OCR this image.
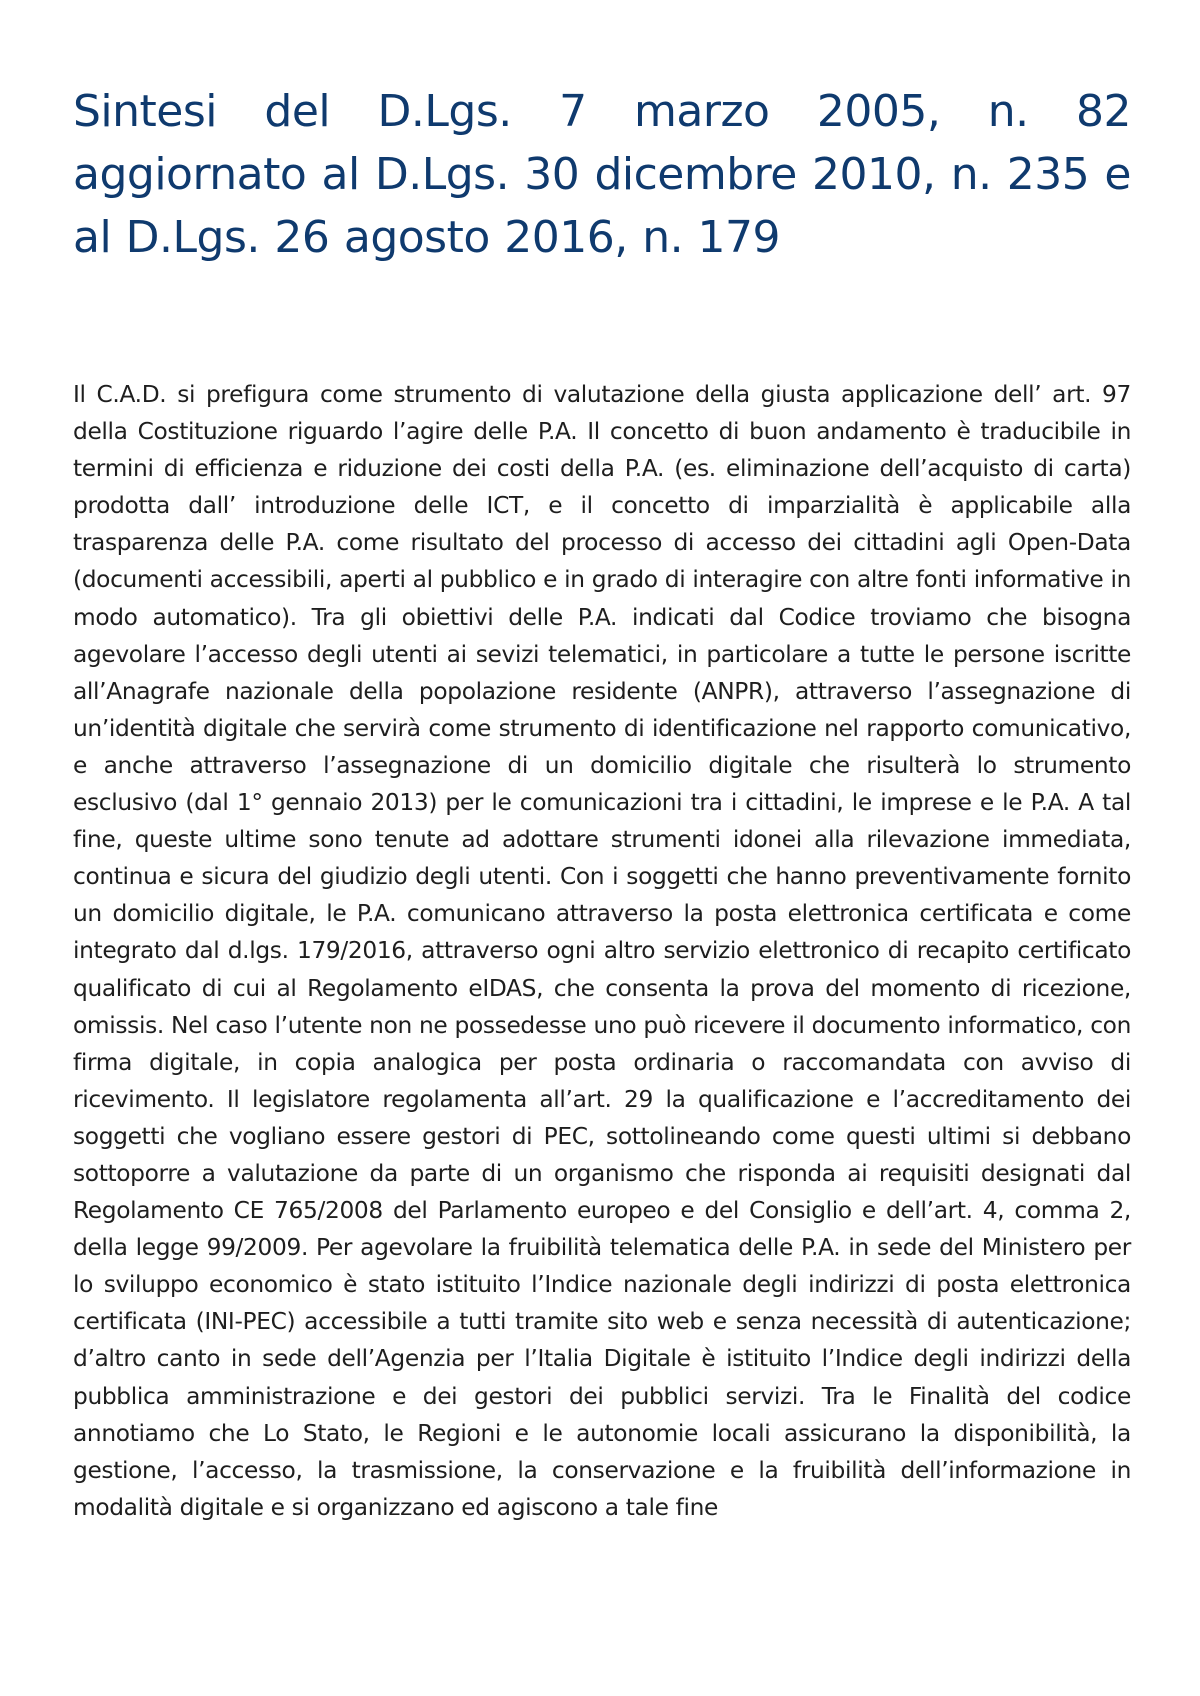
Sintesi del D.Lgs. 7 marzo 2005, n. 82 aggiornato al D.Lgs. 30 dicembre 2010, n. 235 e al D.Lgs. 26 agosto 2016, n. 179

Il C.A.D. si prefigura come strumento di valutazione della giusta applicazione dell’ art. 97 della Costituzione riguardo l’agire delle P.A. Il concetto di buon andamento è traducibile in termini di efficienza e riduzione dei costi della P.A. (es. eliminazione dell’acquisto di carta) prodotta dall’ introduzione delle ICT, e il concetto di imparzialità è applicabile alla trasparenza delle P.A. come risultato del processo di accesso dei cittadini agli Open-Data (documenti accessibili, aperti al pubblico e in grado di interagire con altre fonti informative in modo automatico). Tra gli obiettivi delle P.A. indicati dal Codice troviamo che bisogna agevolare l’accesso degli utenti ai sevizi telematici, in particolare a tutte le persone iscritte all’Anagrafe nazionale della popolazione residente (ANPR), attraverso l’assegnazione di un’identità digitale che servirà come strumento di identificazione nel rapporto comunicativo, e anche attraverso l’assegnazione di un domicilio digitale che risulterà lo strumento esclusivo (dal 1° gennaio 2013) per le comunicazioni tra i cittadini, le imprese e le P.A. A tal fine, queste ultime sono tenute ad adottare strumenti idonei alla rilevazione immediata, continua e sicura del giudizio degli utenti. Con i soggetti che hanno preventivamente fornito un domicilio digitale, le P.A. comunicano attraverso la posta elettronica certificata e come integrato dal d.lgs. 179/2016, attraverso ogni altro servizio elettronico di recapito certificato qualificato di cui al Regolamento eIDAS, che consenta la prova del momento di ricezione, omissis. Nel caso l’utente non ne possedesse uno può ricevere il documento informatico, con firma digitale, in copia analogica per posta ordinaria o raccomandata con avviso di ricevimento. Il legislatore regolamenta all’art. 29 la qualificazione e l’accreditamento dei soggetti che vogliano essere gestori di PEC, sottolineando come questi ultimi si debbano sottoporre a valutazione da parte di un organismo che risponda ai requisiti designati dal Regolamento CE 765/2008 del Parlamento europeo e del Consiglio e dell’art. 4, comma 2, della legge 99/2009. Per agevolare la fruibilità telematica delle P.A. in sede del Ministero per lo sviluppo economico è stato istituito l’Indice nazionale degli indirizzi di posta elettronica certificata (INI-PEC) accessibile a tutti tramite sito web e senza necessità di autenticazione; d’altro canto in sede dell’Agenzia per l’Italia Digitale è istituito l’Indice degli indirizzi della pubblica amministrazione e dei gestori dei pubblici servizi. Tra le Finalità del codice annotiamo che Lo Stato, le Regioni e le autonomie locali assicurano la disponibilità, la gestione, l’accesso, la trasmissione, la conservazione e la fruibilità dell’informazione in modalità digitale e si organizzano ed agiscono a tale fine
